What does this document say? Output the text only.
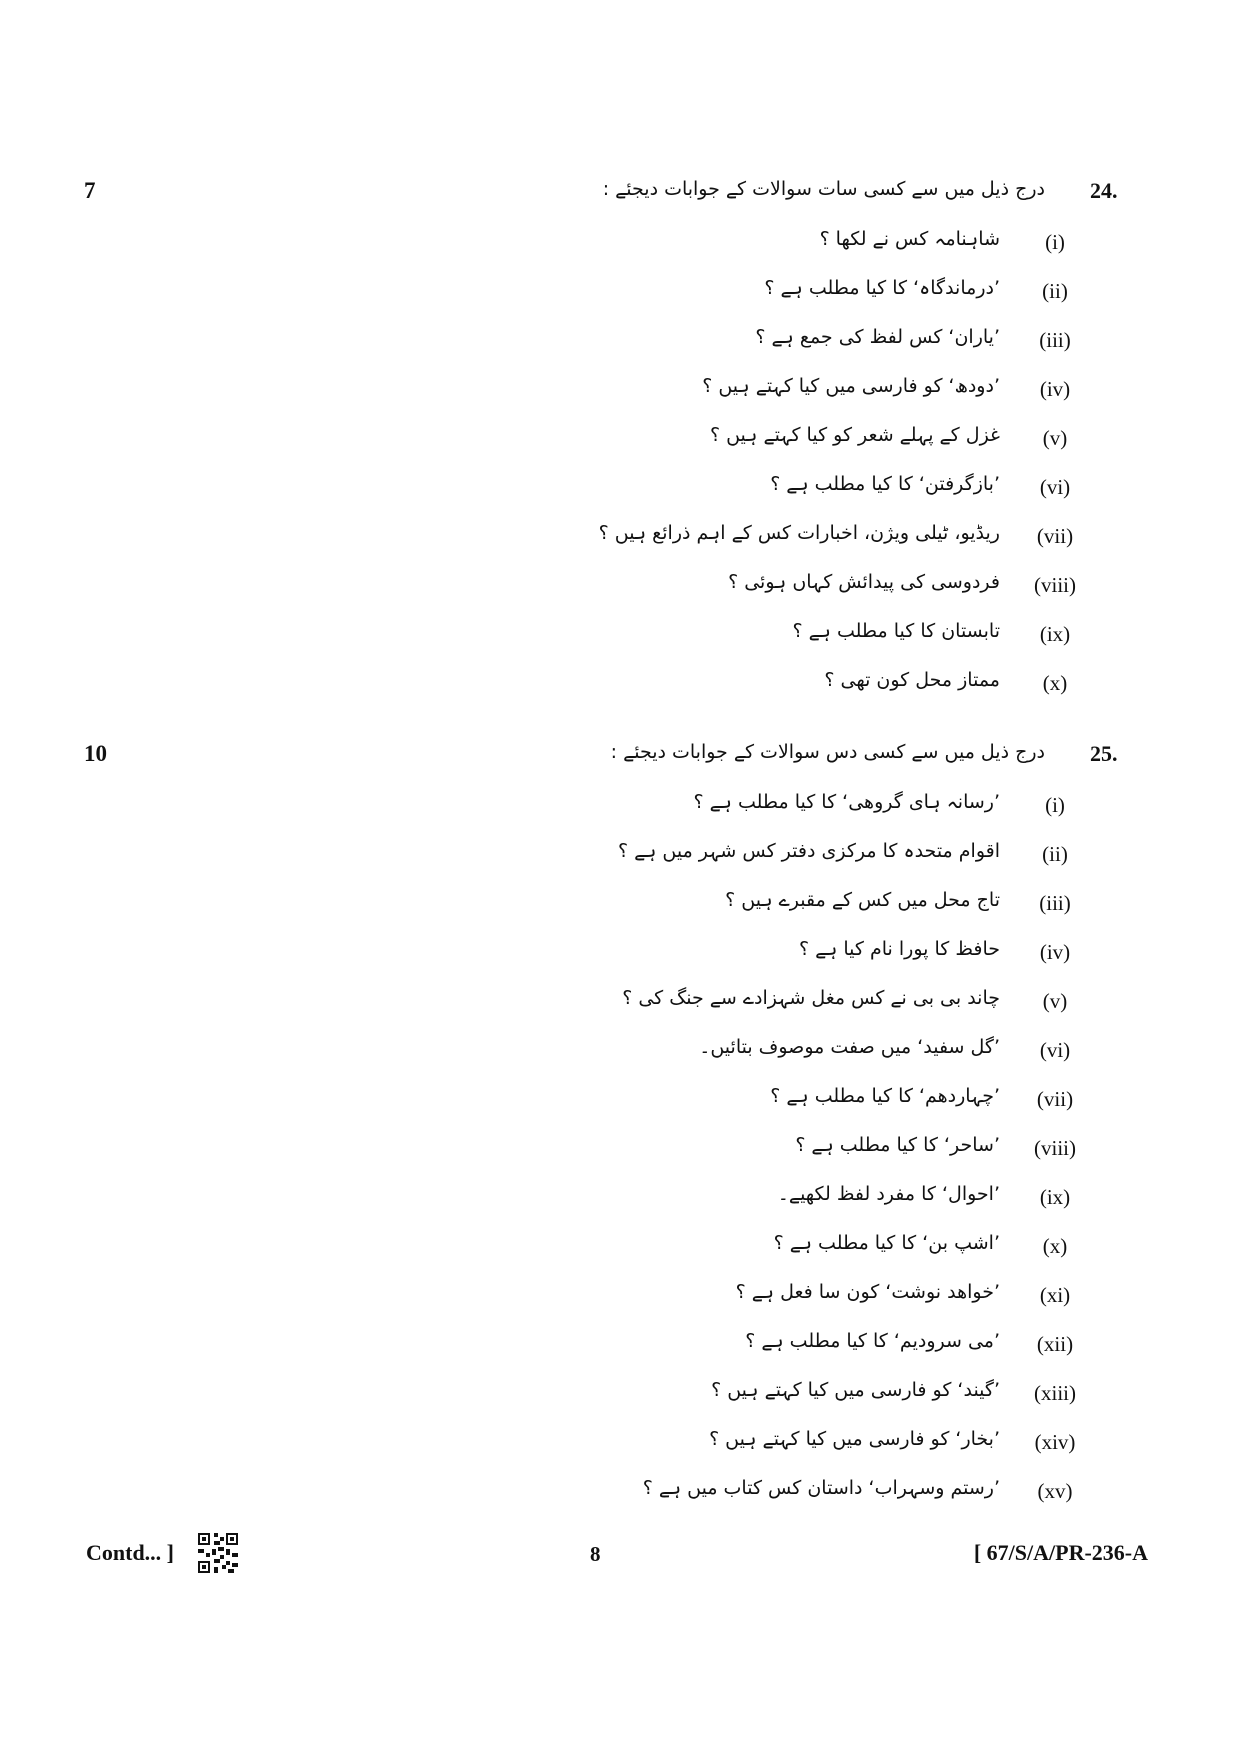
7	24.
درج ذیل میں سے کسی سات سوالات کے جوابات دیجئے :
(i)
شاہنامہ کس نے لکھا ؟
(ii)
’درماندگاہ‘ کا کیا مطلب ہے ؟
(iii)
’یاران‘ کس لفظ کی جمع ہے ؟
(iv)
’دودھ‘ کو فارسی میں کیا کہتے ہیں ؟
(v)
غزل کے پہلے شعر کو کیا کہتے ہیں ؟
(vi)
’بازگرفتن‘ کا کیا مطلب ہے ؟
(vii)
ریڈیو، ٹیلی ویژن، اخبارات کس کے اہم ذرائع ہیں ؟
(viii)
فردوسی کی پیدائش کہاں ہوئی ؟
(ix)
تابستان کا کیا مطلب ہے ؟
(x)
ممتاز محل کون تھی ؟
10	25.
درج ذیل میں سے کسی دس سوالات کے جوابات دیجئے :
(i)
’رسانہ ہای گروھی‘ کا کیا مطلب ہے ؟
(ii)
اقوام متحدہ کا مرکزی دفتر کس شہر میں ہے ؟
(iii)
تاج محل میں کس کے مقبرے ہیں ؟
(iv)
حافظ کا پورا نام کیا ہے ؟
(v)
چاند بی بی نے کس مغل شہزادے سے جنگ کی ؟
(vi)
’گل سفید‘ میں صفت موصوف بتائیں۔
(vii)
’چہاردھم‘ کا کیا مطلب ہے ؟
(viii)
’ساحر‘ کا کیا مطلب ہے ؟
(ix)
’احوال‘ کا مفرد لفظ لکھیے۔
(x)
’اشپ بن‘ کا کیا مطلب ہے ؟
(xi)
’خواھد نوشت‘ کون سا فعل ہے ؟
(xii)
’می سرودیم‘ کا کیا مطلب ہے ؟
(xiii)
’گیند‘ کو فارسی میں کیا کہتے ہیں ؟
(xiv)
’بخار‘ کو فارسی میں کیا کہتے ہیں ؟
(xv)
’رستم وسہراب‘ داستان کس کتاب میں ہے ؟
Contd... ]	8	[ 67/S/A/PR-236-A
